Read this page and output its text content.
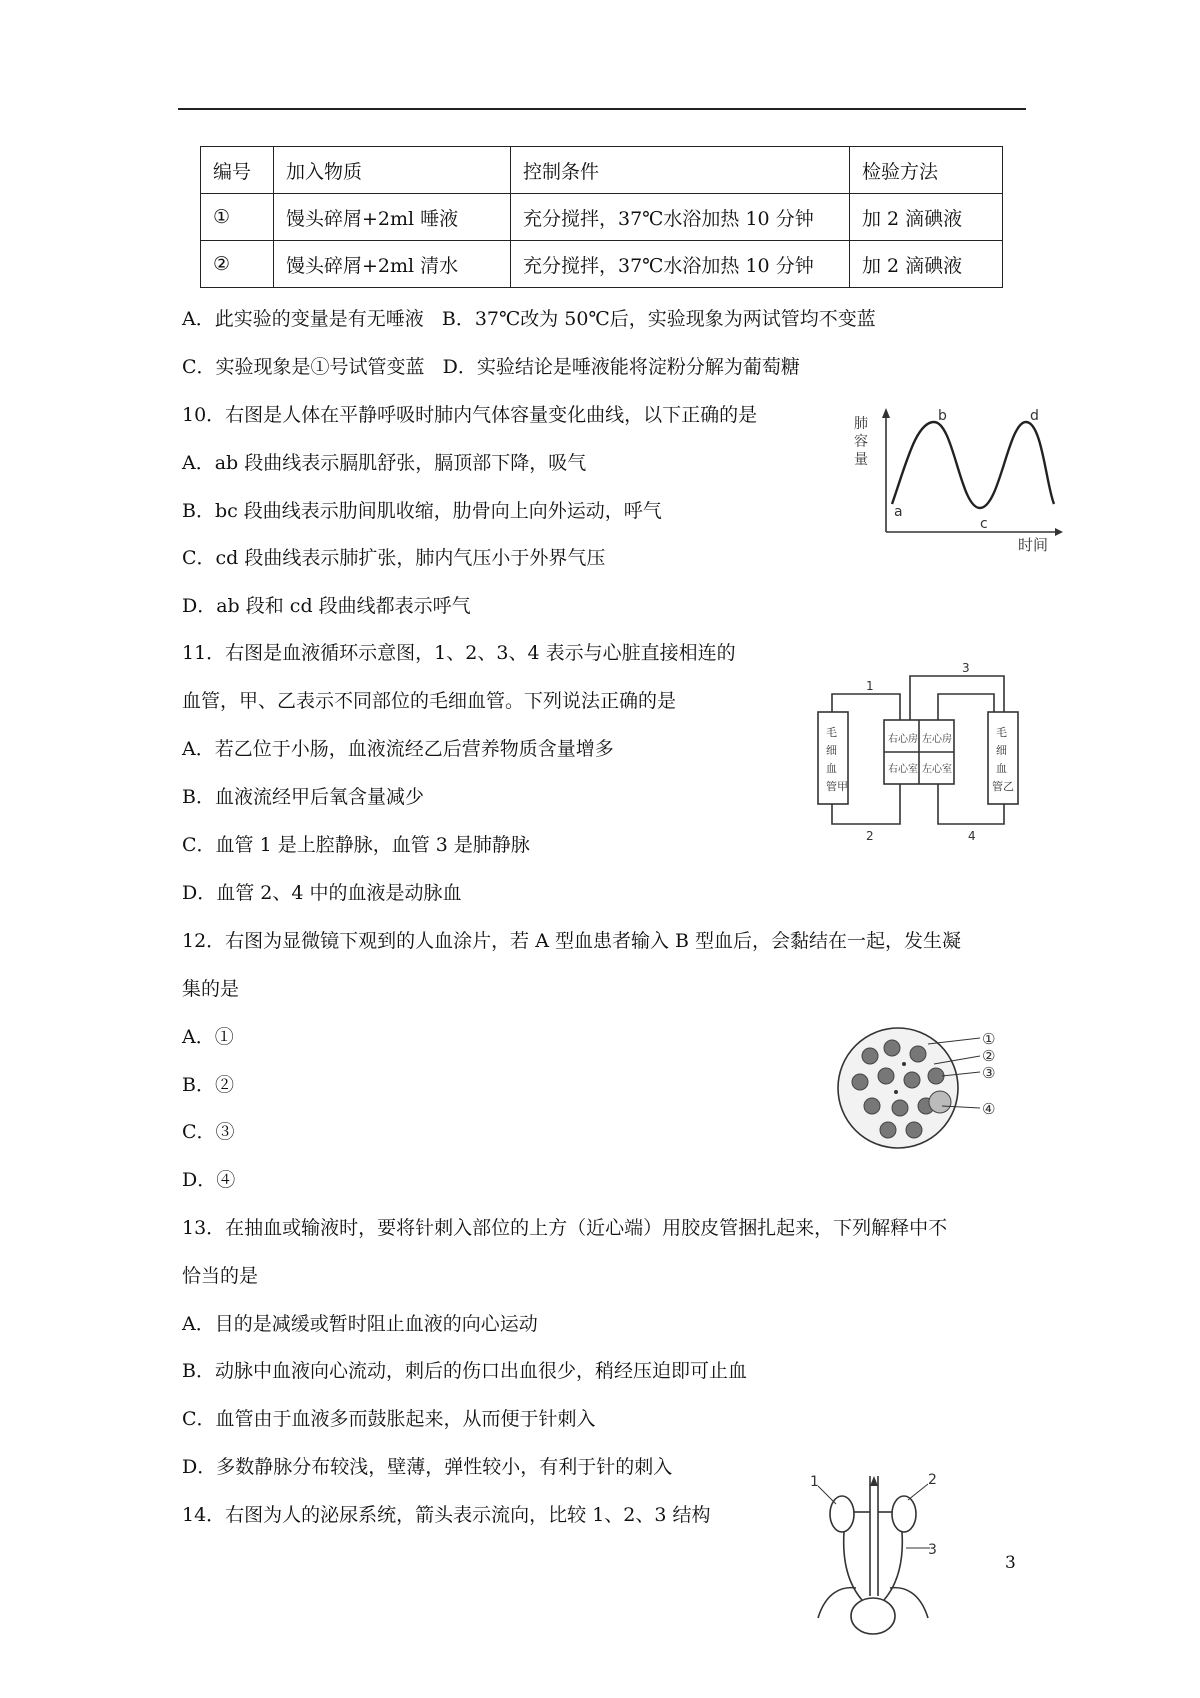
编号	加入物质	控制条件	检验方法
①	馒头碎屑+2ml 唾液	充分搅拌，37℃水浴加热 10 分钟	加 2 滴碘液
②	馒头碎屑+2ml 清水	充分搅拌，37℃水浴加热 10 分钟	加 2 滴碘液
A．此实验的变量是有无唾液 B．37℃改为 50℃后，实验现象为两试管均不变蓝
C．实验现象是①号试管变蓝 D．实验结论是唾液能将淀粉分解为葡萄糖
10．右图是人体在平静呼吸时肺内气体容量变化曲线，以下正确的是
A．ab 段曲线表示膈肌舒张，膈顶部下降，吸气
B．bc 段曲线表示肋间肌收缩，肋骨向上向外运动，呼气
C．cd 段曲线表示肺扩张，肺内气压小于外界气压
D．ab 段和 cd 段曲线都表示呼气
肺
容
量
时间
a
b
c
d
11．右图是血液循环示意图，1、2、3、4 表示与心脏直接相连的
血管，甲、乙表示不同部位的毛细血管。下列说法正确的是
A．若乙位于小肠，血液流经乙后营养物质含量增多
B．血液流经甲后氧含量减少
C．血管 1 是上腔静脉，血管 3 是肺静脉
D．血管 2、4 中的血液是动脉血
毛
细
血
管甲
毛
细
血
管乙
右心房 左心房
右心室 左心室
1
3
2	4
12．右图为显微镜下观到的人血涂片，若 A 型血患者输入 B 型血后，会黏结在一起，发生凝
集的是
A．①
B．②
C．③
D．④
①
②
③
④
13．在抽血或输液时，要将针刺入部位的上方（近心端）用胶皮管捆扎起来，下列解释中不
恰当的是
A．目的是减缓或暂时阻止血液的向心运动
B．动脉中血液向心流动，刺后的伤口出血很少，稍经压迫即可止血
C．血管由于血液多而鼓胀起来，从而便于针刺入
D．多数静脉分布较浅，壁薄，弹性较小，有利于针的刺入
14．右图为人的泌尿系统，箭头表示流向，比较 1、2、3 结构
1	2
3
3
